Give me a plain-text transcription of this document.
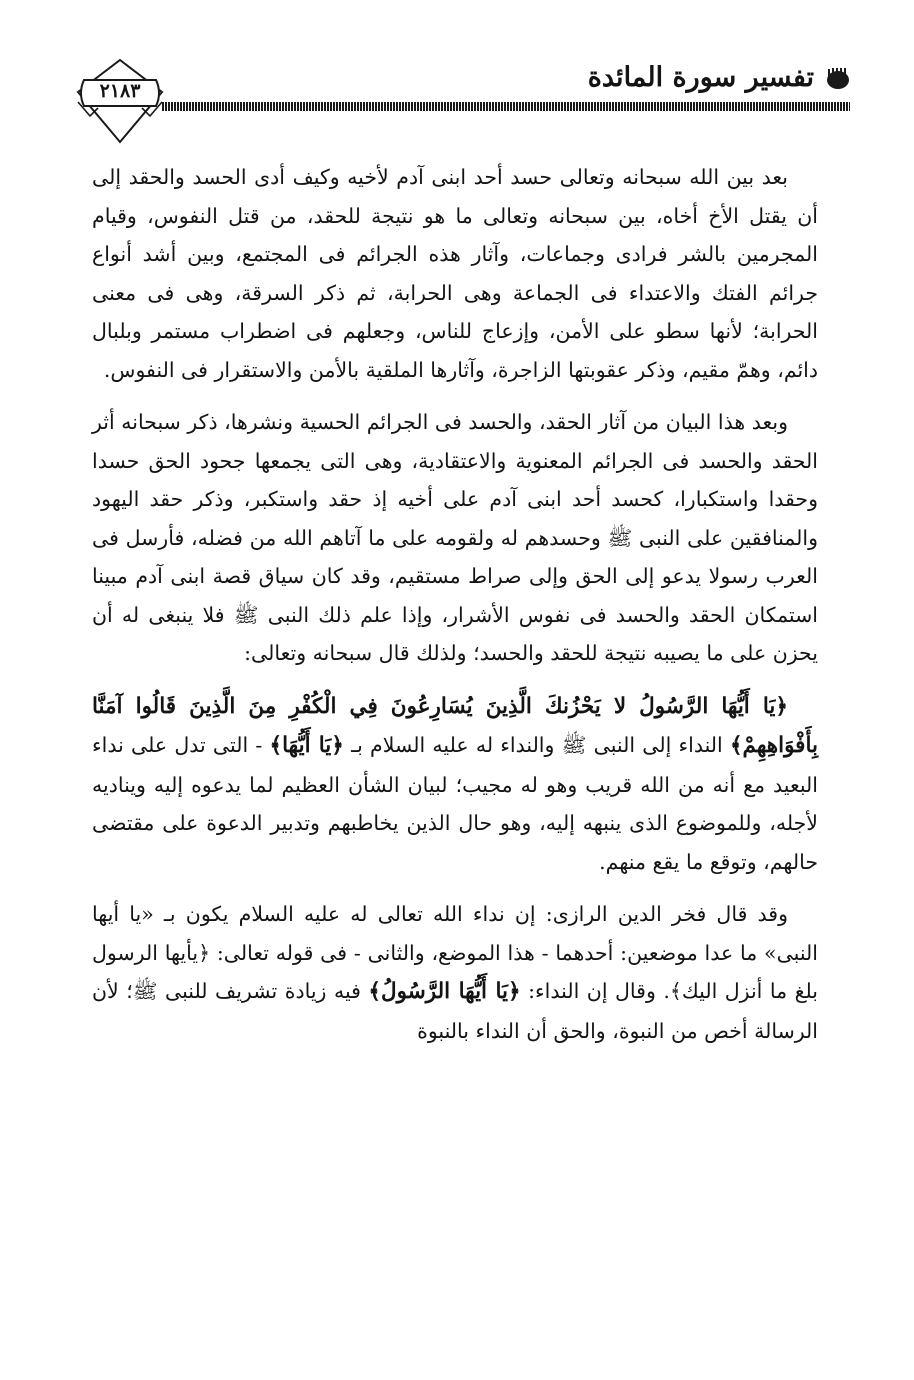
تفسير سورة المائدة
٢١٨٣

بعد بين الله سبحانه وتعالى حسد أحد ابنى آدم لأخيه وكيف أدى الحسد والحقد إلى أن يقتل الأخ أخاه، بين سبحانه وتعالى ما هو نتيجة للحقد، من قتل النفوس، وقيام المجرمين بالشر فرادى وجماعات، وآثار هذه الجرائم فى المجتمع، وبين أشد أنواع جرائم الفتك والاعتداء فى الجماعة وهى الحرابة، ثم ذكر السرقة، وهى فى معنى الحرابة؛ لأنها سطو على الأمن، وإزعاج للناس، وجعلهم فى اضطراب مستمر وبلبال دائم، وهمّ مقيم، وذكر عقوبتها الزاجرة، وآثارها الملقية بالأمن والاستقرار فى النفوس.

وبعد هذا البيان من آثار الحقد، والحسد فى الجرائم الحسية ونشرها، ذكر سبحانه أثر الحقد والحسد فى الجرائم المعنوية والاعتقادية، وهى التى يجمعها جحود الحق حسدا وحقدا واستكبارا، كحسد أحد ابنى آدم على أخيه إذ حقد واستكبر، وذكر حقد اليهود والمنافقين على النبى ﷺ وحسدهم له ولقومه على ما آتاهم الله من فضله، فأرسل فى العرب رسولا يدعو إلى الحق وإلى صراط مستقيم، وقد كان سياق قصة ابنى آدم مبينا استمكان الحقد والحسد فى نفوس الأشرار، وإذا علم ذلك النبى ﷺ فلا ينبغى له أن يحزن على ما يصيبه نتيجة للحقد والحسد؛ ولذلك قال سبحانه وتعالى:

﴿يَا أَيُّهَا الرَّسُولُ لا يَحْزُنكَ الَّذِينَ يُسَارِعُونَ فِي الْكُفْرِ مِنَ الَّذِينَ قَالُوا آمَنَّا بِأَفْوَاهِهِمْ﴾ النداء إلى النبى ﷺ والنداء له عليه السلام بـ ﴿يَا أَيُّهَا﴾ - التى تدل على نداء البعيد مع أنه من الله قريب وهو له مجيب؛ لبيان الشأن العظيم لما يدعوه إليه ويناديه لأجله، وللموضوع الذى ينبهه إليه، وهو حال الذين يخاطبهم وتدبير الدعوة على مقتضى حالهم، وتوقع ما يقع منهم.

وقد قال فخر الدين الرازى: إن نداء الله تعالى له عليه السلام يكون بـ «يا أيها النبى» ما عدا موضعين: أحدهما - هذا الموضع، والثانى - فى قوله تعالى: ﴿يأيها الرسول بلغ ما أنزل اليك﴾. وقال إن النداء: ﴿يَا أَيُّهَا الرَّسُولُ﴾ فيه زيادة تشريف للنبى ﷺ؛ لأن الرسالة أخص من النبوة، والحق أن النداء بالنبوة
